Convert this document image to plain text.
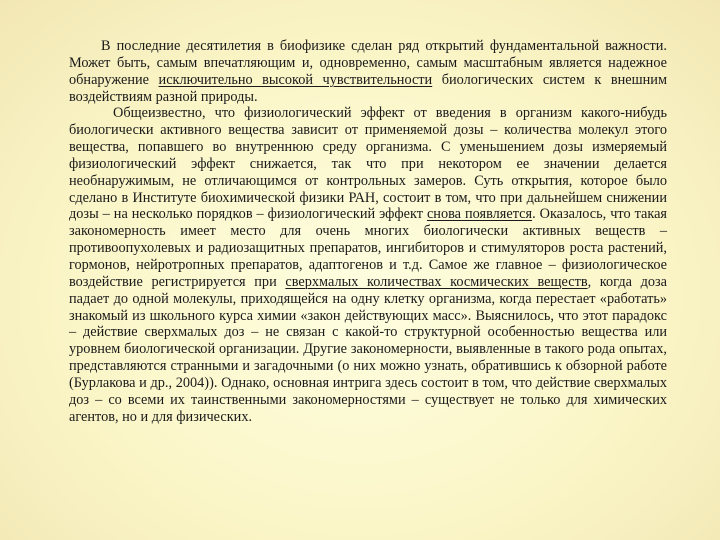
В последние десятилетия в биофизике сделан ряд открытий фундаментальной важности. Может быть, самым впечатляющим и, одновременно, самым масштабным является надежное обнаружение исключительно высокой чувствительности биологических систем к внешним воздействиям разной природы.

Общеизвестно, что физиологический эффект от введения в организм какого-нибудь биологически активного вещества зависит от применяемой дозы – количества молекул этого вещества, попавшего во внутреннюю среду организма. С уменьшением дозы измеряемый физиологический эффект снижается, так что при некотором ее значении делается необнаружимым, не отличающимся от контрольных замеров. Суть открытия, которое было сделано в Институте биохимической физики РАН, состоит в том, что при дальнейшем снижении дозы – на несколько порядков – физиологический эффект снова появляется. Оказалось, что такая закономерность имеет место для очень многих биологически активных веществ – противоопухолевых и радиозащитных препаратов, ингибиторов и стимуляторов роста растений, гормонов, нейротропных препаратов, адаптогенов и т.д. Самое же главное – физиологическое воздействие регистрируется при сверхмалых количествах космических веществ, когда доза падает до одной молекулы, приходящейся на одну клетку организма, когда перестает «работать» знакомый из школьного курса химии «закон действующих масс». Выяснилось, что этот парадокс – действие сверхмалых доз – не связан с какой-то структурной особенностью вещества или уровнем биологической организации. Другие закономерности, выявленные в такого рода опытах, представляются странными и загадочными (о них можно узнать, обратившись к обзорной работе (Бурлакова и др., 2004)). Однако, основная интрига здесь состоит в том, что действие сверхмалых доз – со всеми их таинственными закономерностями – существует не только для химических агентов, но и для физических.
